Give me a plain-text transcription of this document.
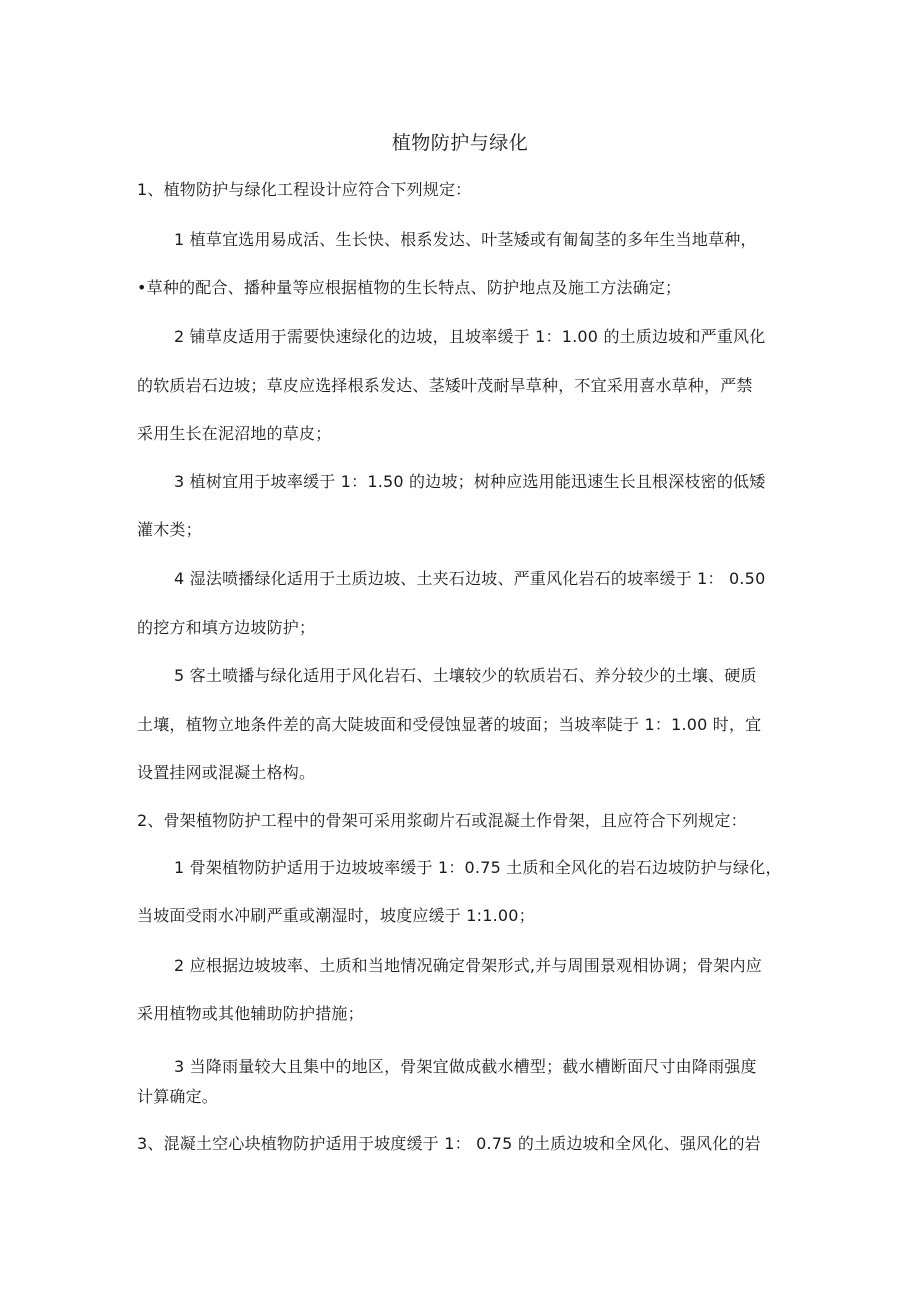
植物防护与绿化
1、植物防护与绿化工程设计应符合下列规定：
1 植草宜选用易成活、生长快、根系发达、叶茎矮或有匍匐茎的多年生当地草种，
•草种的配合、播种量等应根据植物的生长特点、防护地点及施工方法确定；
2 铺草皮适用于需要快速绿化的边坡，且坡率缓于 1：1.00 的土质边坡和严重风化
的软质岩石边坡；草皮应选择根系发达、茎矮叶茂耐旱草种，不宜采用喜水草种，严禁
采用生长在泥沼地的草皮；
3 植树宜用于坡率缓于 1：1.50 的边坡；树种应选用能迅速生长且根深枝密的低矮
灌木类；
4 湿法喷播绿化适用于土质边坡、土夹石边坡、严重风化岩石的坡率缓于 1： 0.50
的挖方和填方边坡防护；
5 客土喷播与绿化适用于风化岩石、土壤较少的软质岩石、养分较少的土壤、硬质
土壤，植物立地条件差的高大陡坡面和受侵蚀显著的坡面；当坡率陡于 1：1.00 时，宜
设置挂网或混凝土格构。
2、骨架植物防护工程中的骨架可采用浆砌片石或混凝土作骨架，且应符合下列规定：
1 骨架植物防护适用于边坡坡率缓于 1：0.75 土质和全风化的岩石边坡防护与绿化，
当坡面受雨水冲刷严重或潮湿时，坡度应缓于 1:1.00；
2 应根据边坡坡率、土质和当地情况确定骨架形式,并与周围景观相协调；骨架内应
采用植物或其他辅助防护措施；
3 当降雨量较大且集中的地区，骨架宜做成截水槽型；截水槽断面尺寸由降雨强度
计算确定。
3、混凝土空心块植物防护适用于坡度缓于 1： 0.75 的土质边坡和全风化、强风化的岩
